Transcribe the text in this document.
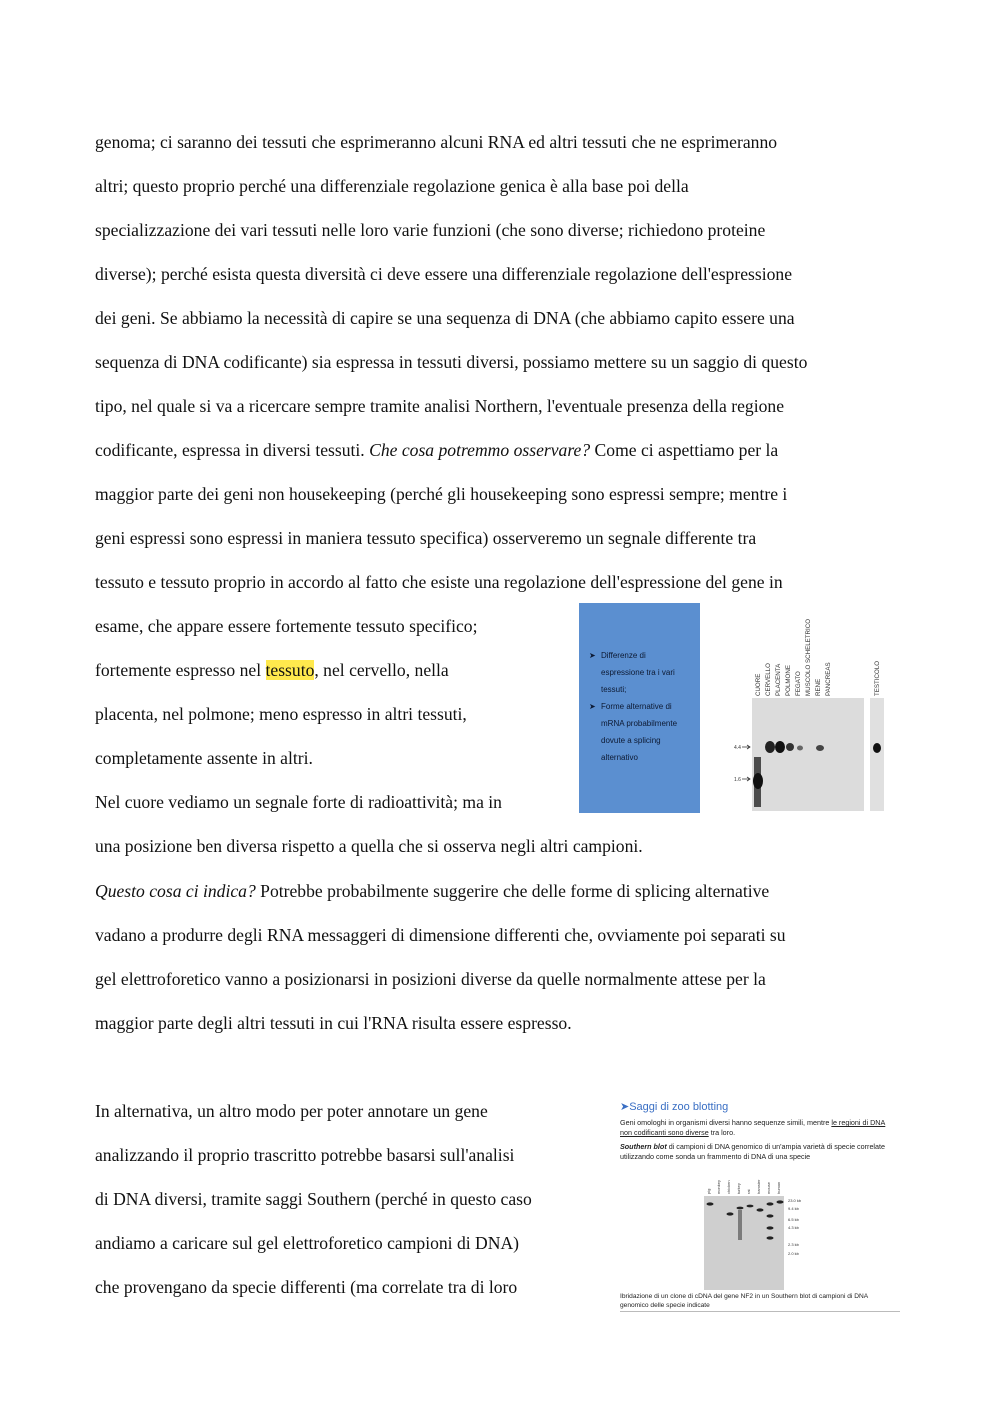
genoma; ci saranno dei tessuti che esprimeranno alcuni RNA ed altri tessuti che ne esprimeranno
altri; questo proprio perché una differenziale regolazione genica è alla base poi della
specializzazione dei vari tessuti nelle loro varie funzioni (che sono diverse; richiedono proteine
diverse); perché esista questa diversità ci deve essere una differenziale regolazione dell'espressione
dei geni. Se abbiamo la necessità di capire se una sequenza di DNA (che abbiamo capito essere una
sequenza di DNA codificante) sia espressa in tessuti diversi, possiamo mettere su un saggio di questo
tipo, nel quale si va a ricercare sempre tramite analisi Northern, l'eventuale presenza della regione
codificante, espressa in diversi tessuti. Che cosa potremmo osservare? Come ci aspettiamo per la
maggior parte dei geni non housekeeping (perché gli housekeeping sono espressi sempre; mentre i
geni espressi sono espressi in maniera tessuto specifica) osserveremo un segnale differente tra
tessuto e tessuto proprio in accordo al fatto che esiste una regolazione dell'espressione del gene in
esame, che appare essere fortemente tessuto specifico;
fortemente espresso nel tessuto, nel cervello, nella
placenta, nel polmone; meno espresso in altri tessuti,
completamente assente in altri.
Nel cuore vediamo un segnale forte di radioattività; ma in
una posizione ben diversa rispetto a quella che si osserva negli altri campioni.
Questo cosa ci indica? Potrebbe probabilmente suggerire che delle forme di splicing alternative
vadano a produrre degli RNA messaggeri di dimensione differenti che, ovviamente poi separati su
gel elettroforetico vanno a posizionarsi in posizioni diverse da quelle normalmente attese per la
maggior parte degli altri tessuti in cui l'RNA risulta essere espresso.
In alternativa, un altro modo per poter annotare un gene
analizzando il proprio trascritto potrebbe basarsi sull'analisi
di DNA diversi, tramite saggi Southern (perché in questo caso
andiamo a caricare sul gel elettroforetico campioni di DNA)
che provengano da specie differenti (ma correlate tra di loro
➤ Differenze di
espressione tra i vari
tessuti;
➤ Forme alternative di
mRNA probabilmente
dovute a splicing
alternativo
CUORE CERVELLO PLACENTA POLMONE FEGATO MUSCOLO SCHELETRICO RENE PANCREAS	TESTICOLO
4.4
1.6
➤Saggi di zoo blotting
Geni omologhi in organismi diversi hanno sequenze simili, mentre le regioni di DNA non codificanti sono diverse tra loro.
Southern blot di campioni di DNA genomico di un'ampia varietà di specie correlate utilizzando come sonda un frammento di DNA di una specie
pig monkey chicken turkey rat hamster mouse human
23.0 kb
9.4 kb
6.5 kb
4.3 kb
2.3 kb
2.0 kb
Ibridazione di un clone di cDNA del gene NF2 in un Southern blot di campioni di DNA genomico delle specie indicate
